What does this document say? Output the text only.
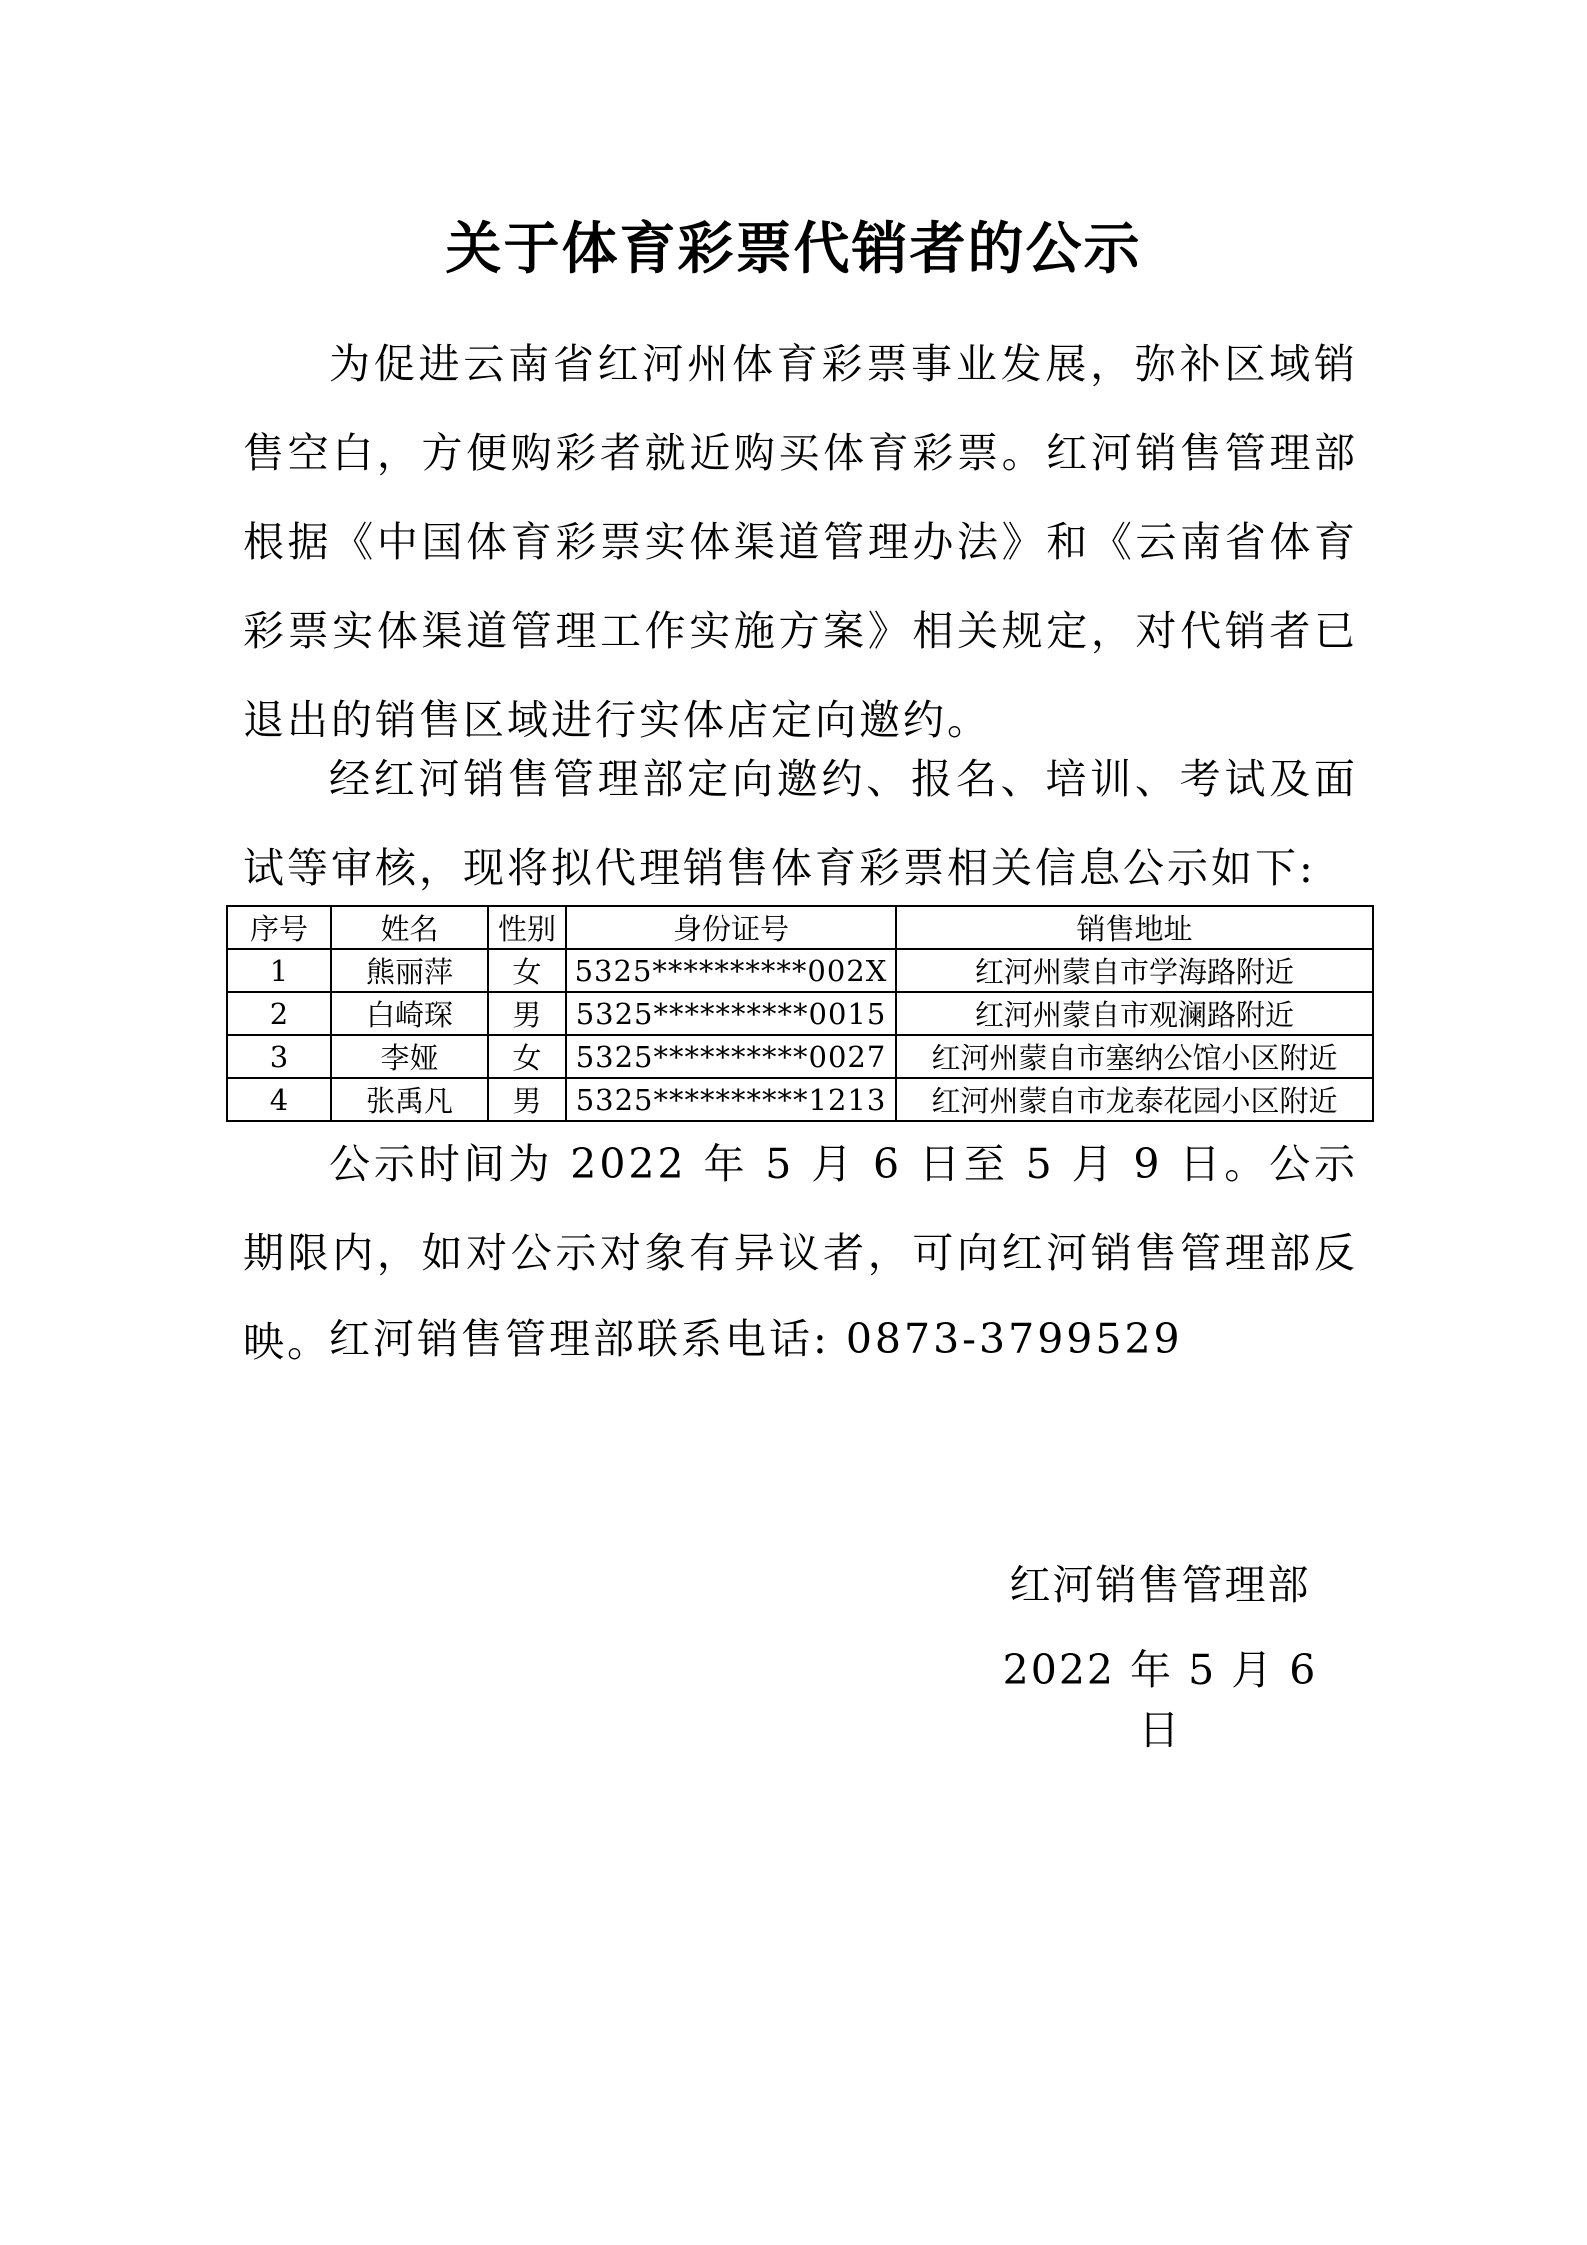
关于体育彩票代销者的公示

为促进云南省红河州体育彩票事业发展，弥补区域销售空白，方便购彩者就近购买体育彩票。红河销售管理部根据《中国体育彩票实体渠道管理办法》和《云南省体育彩票实体渠道管理工作实施方案》相关规定，对代销者已退出的销售区域进行实体店定向邀约。

经红河销售管理部定向邀约、报名、培训、考试及面试等审核，现将拟代理销售体育彩票相关信息公示如下:

序号	姓名	性别	身份证号	销售地址
1	熊丽萍	女	5325**********002X	红河州蒙自市学海路附近
2	白崎琛	男	5325**********0015	红河州蒙自市观澜路附近
3	李娅	女	5325**********0027	红河州蒙自市塞纳公馆小区附近
4	张禹凡	男	5325**********1213	红河州蒙自市龙泰花园小区附近

公示时间为 2022 年 5 月 6 日至 5 月 9 日。公示期限内，如对公示对象有异议者，可向红河销售管理部反映。

红河销售管理部联系电话: 0873-3799529

红河销售管理部
2022 年 5 月 6 日
